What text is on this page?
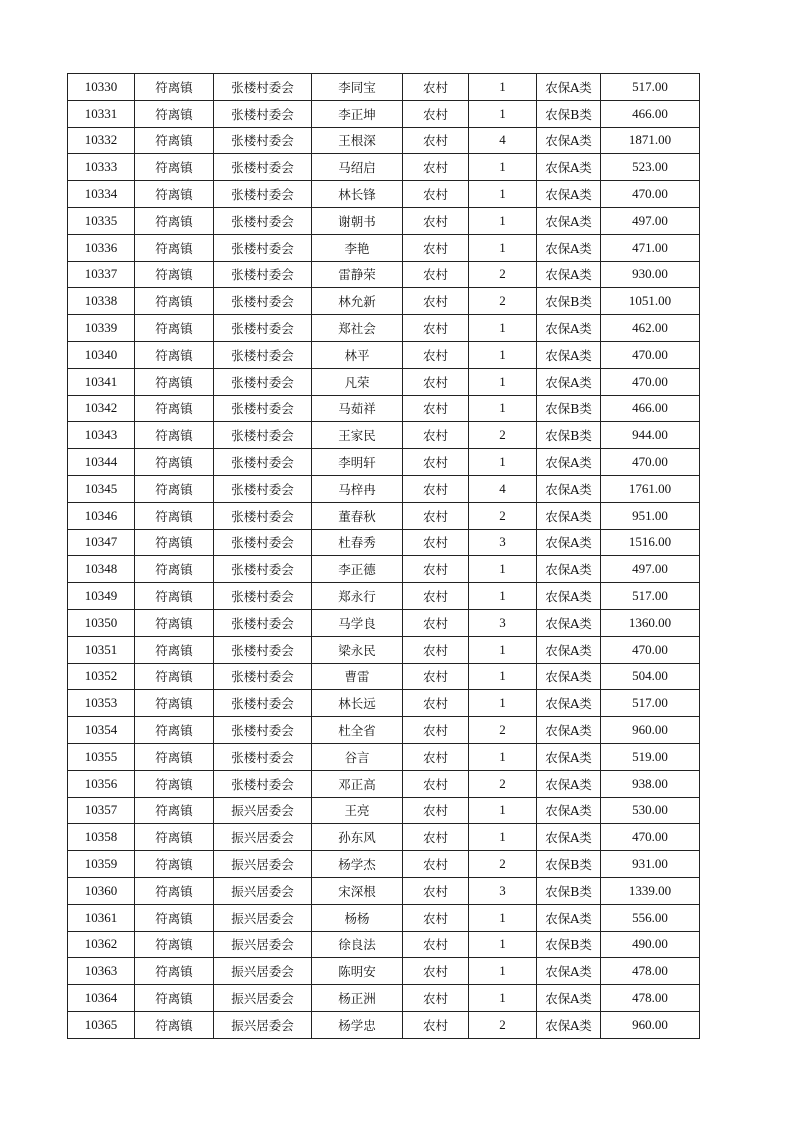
10330	符离镇	张楼村委会	李同宝	农村	1	农保A类	517.00
10331	符离镇	张楼村委会	李正坤	农村	1	农保B类	466.00
10332	符离镇	张楼村委会	王根深	农村	4	农保A类	1871.00
10333	符离镇	张楼村委会	马绍启	农村	1	农保A类	523.00
10334	符离镇	张楼村委会	林长锋	农村	1	农保A类	470.00
10335	符离镇	张楼村委会	谢朝书	农村	1	农保A类	497.00
10336	符离镇	张楼村委会	李艳	农村	1	农保A类	471.00
10337	符离镇	张楼村委会	雷静荣	农村	2	农保A类	930.00
10338	符离镇	张楼村委会	林允新	农村	2	农保B类	1051.00
10339	符离镇	张楼村委会	郑社会	农村	1	农保A类	462.00
10340	符离镇	张楼村委会	林平	农村	1	农保A类	470.00
10341	符离镇	张楼村委会	凡荣	农村	1	农保A类	470.00
10342	符离镇	张楼村委会	马茹祥	农村	1	农保B类	466.00
10343	符离镇	张楼村委会	王家民	农村	2	农保B类	944.00
10344	符离镇	张楼村委会	李明轩	农村	1	农保A类	470.00
10345	符离镇	张楼村委会	马梓冉	农村	4	农保A类	1761.00
10346	符离镇	张楼村委会	董春秋	农村	2	农保A类	951.00
10347	符离镇	张楼村委会	杜春秀	农村	3	农保A类	1516.00
10348	符离镇	张楼村委会	李正德	农村	1	农保A类	497.00
10349	符离镇	张楼村委会	郑永行	农村	1	农保A类	517.00
10350	符离镇	张楼村委会	马学良	农村	3	农保A类	1360.00
10351	符离镇	张楼村委会	梁永民	农村	1	农保A类	470.00
10352	符离镇	张楼村委会	曹雷	农村	1	农保A类	504.00
10353	符离镇	张楼村委会	林长远	农村	1	农保A类	517.00
10354	符离镇	张楼村委会	杜全省	农村	2	农保A类	960.00
10355	符离镇	张楼村委会	谷言	农村	1	农保A类	519.00
10356	符离镇	张楼村委会	邓正高	农村	2	农保A类	938.00
10357	符离镇	振兴居委会	王亮	农村	1	农保A类	530.00
10358	符离镇	振兴居委会	孙东风	农村	1	农保A类	470.00
10359	符离镇	振兴居委会	杨学杰	农村	2	农保B类	931.00
10360	符离镇	振兴居委会	宋深根	农村	3	农保B类	1339.00
10361	符离镇	振兴居委会	杨杨	农村	1	农保A类	556.00
10362	符离镇	振兴居委会	徐良法	农村	1	农保B类	490.00
10363	符离镇	振兴居委会	陈明安	农村	1	农保A类	478.00
10364	符离镇	振兴居委会	杨正洲	农村	1	农保A类	478.00
10365	符离镇	振兴居委会	杨学忠	农村	2	农保A类	960.00
